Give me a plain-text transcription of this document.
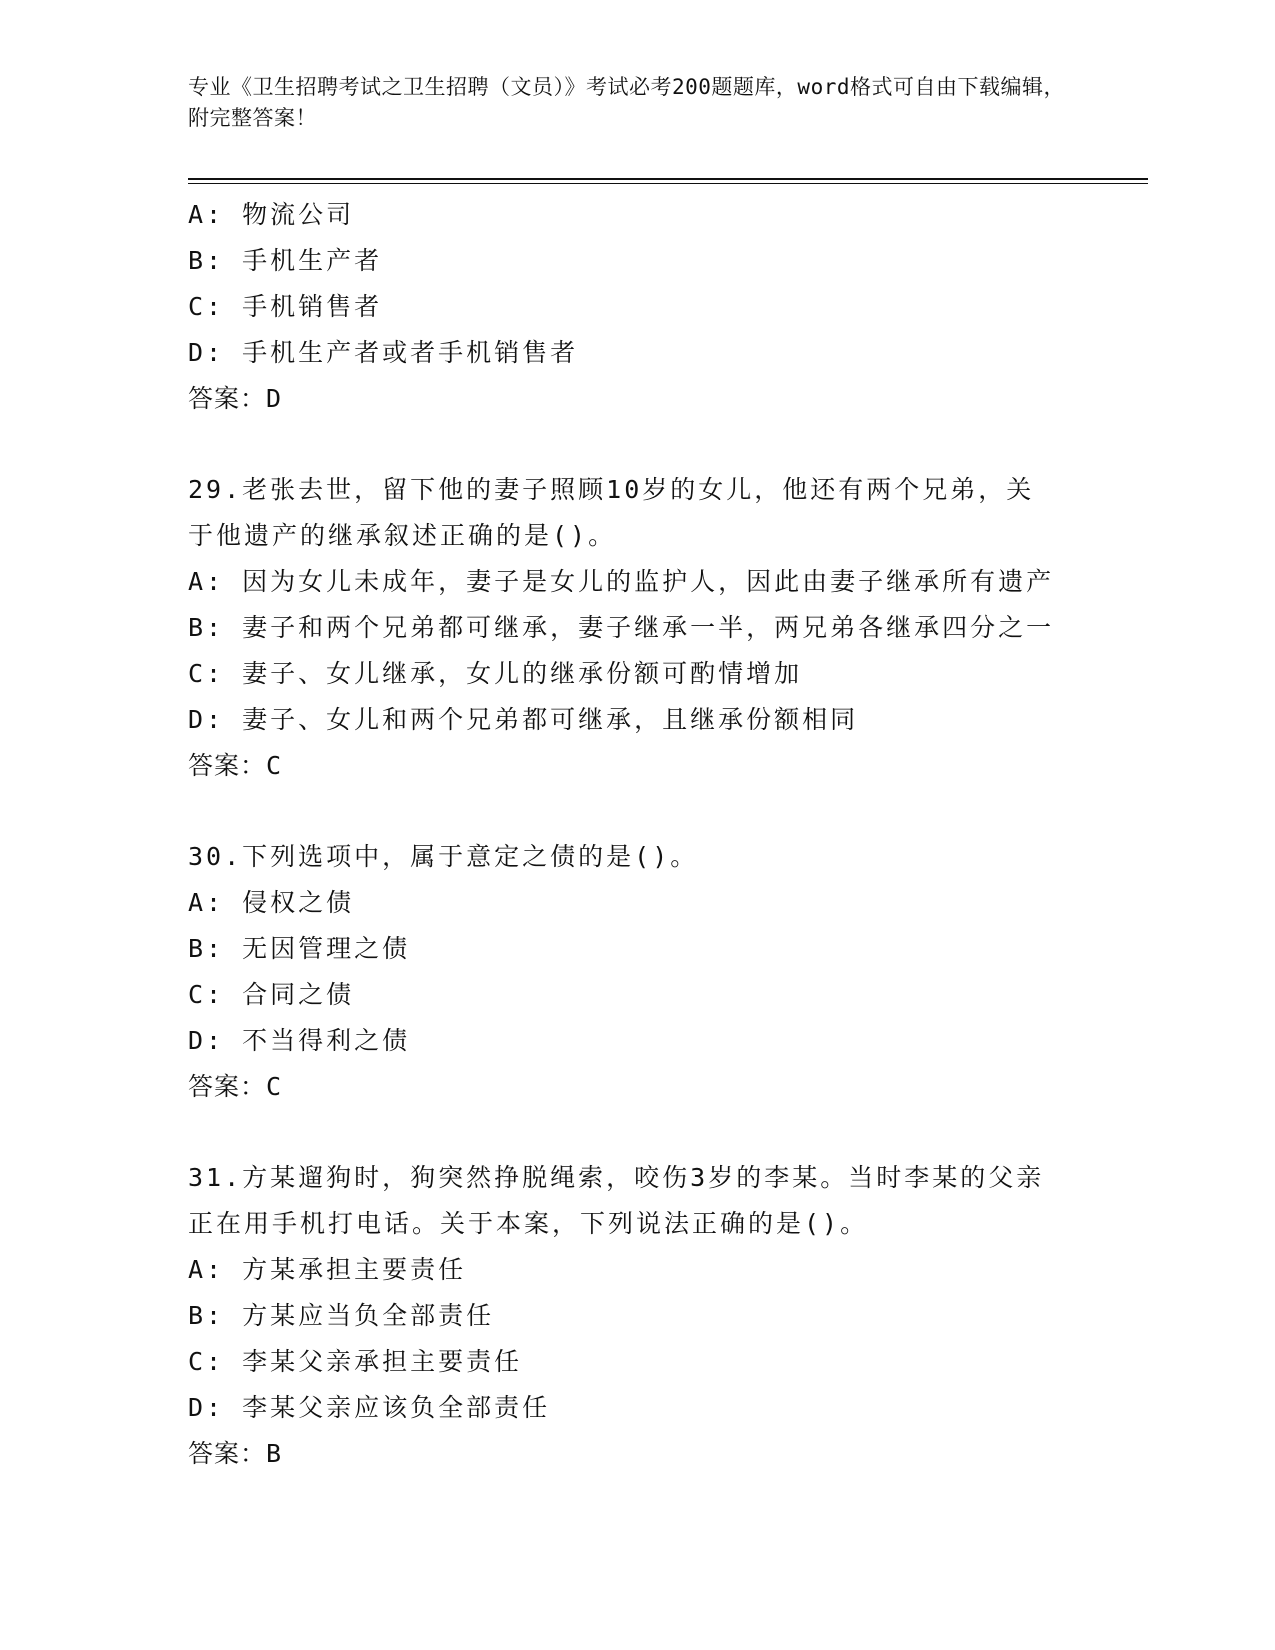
专业《卫生招聘考试之卫生招聘（文员）》考试必考200题题库，word格式可自由下载编辑，附完整答案！
A: 物流公司
B: 手机生产者
C: 手机销售者
D: 手机生产者或者手机销售者
答案：D
29.老张去世，留下他的妻子照顾10岁的女儿，他还有两个兄弟，关
于他遗产的继承叙述正确的是()。
A: 因为女儿未成年，妻子是女儿的监护人，因此由妻子继承所有遗产
B: 妻子和两个兄弟都可继承，妻子继承一半，两兄弟各继承四分之一
C: 妻子、女儿继承，女儿的继承份额可酌情增加
D: 妻子、女儿和两个兄弟都可继承，且继承份额相同
答案：C
30.下列选项中，属于意定之债的是()。
A: 侵权之债
B: 无因管理之债
C: 合同之债
D: 不当得利之债
答案：C
31.方某遛狗时，狗突然挣脱绳索，咬伤3岁的李某。当时李某的父亲
正在用手机打电话。关于本案，下列说法正确的是()。
A: 方某承担主要责任
B: 方某应当负全部责任
C: 李某父亲承担主要责任
D: 李某父亲应该负全部责任
答案：B
